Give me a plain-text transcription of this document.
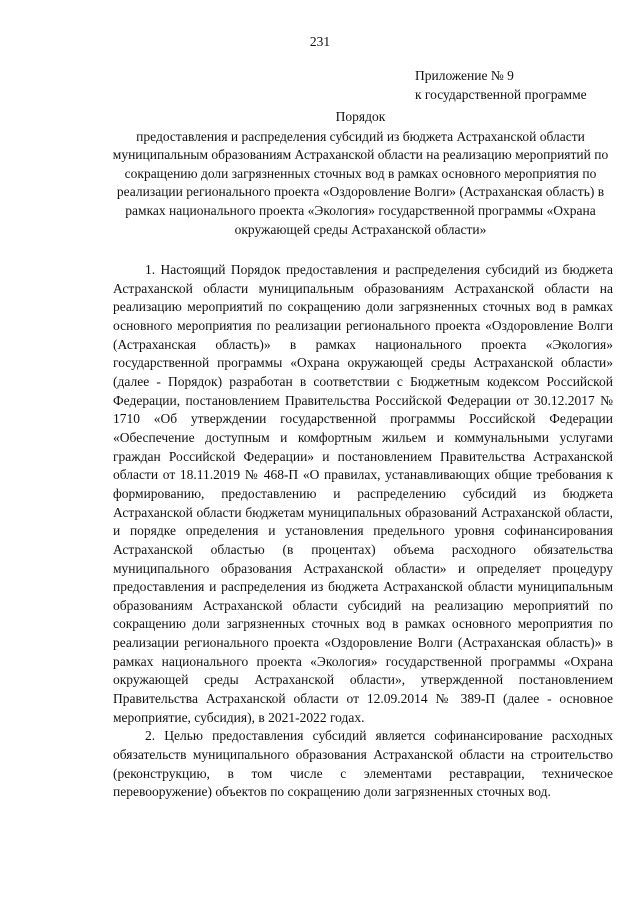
231
Приложение № 9
к государственной программе
Порядок
предоставления и распределения субсидий из бюджета Астраханской области муниципальным образованиям Астраханской области на реализацию мероприятий по сокращению доли загрязненных сточных вод в рамках основного мероприятия по реализации регионального проекта «Оздоровление Волги» (Астраханская область) в рамках национального проекта «Экология» государственной программы «Охрана окружающей среды Астраханской области»

1. Настоящий Порядок предоставления и распределения субсидий из бюджета Астраханской области муниципальным образованиям Астраханской области на реализацию мероприятий по сокращению доли загрязненных сточных вод в рамках основного мероприятия по реализации регионального проекта «Оздоровление Волги (Астраханская область)» в рамках национального проекта «Экология» государственной программы «Охрана окружающей среды Астраханской области» (далее - Порядок) разработан в соответствии с Бюджетным кодексом Российской Федерации, постановлением Правительства Российской Федерации от 30.12.2017 № 1710 «Об утверждении государственной программы Российской Федерации «Обеспечение доступным и комфортным жильем и коммунальными услугами граждан Российской Федерации» и постановлением Правительства Астраханской области от 18.11.2019 № 468-П «О правилах, устанавливающих общие требования к формированию, предоставлению и распределению субсидий из бюджета Астраханской области бюджетам муниципальных образований Астраханской области, и порядке определения и установления предельного уровня софинансирования Астраханской областью (в процентах) объема расходного обязательства муниципального образования Астраханской области» и определяет процедуру предоставления и распределения из бюджета Астраханской области муниципальным образованиям Астраханской области субсидий на реализацию мероприятий по сокращению доли загрязненных сточных вод в рамках основного мероприятия по реализации регионального проекта «Оздоровление Волги (Астраханская область)» в рамках национального проекта «Экология» государственной программы «Охрана окружающей среды Астраханской области», утвержденной постановлением Правительства Астраханской области от 12.09.2014 № 389-П (далее - основное мероприятие, субсидия), в 2021-2022 годах.

2. Целью предоставления субсидий является софинансирование расходных обязательств муниципального образования Астраханской области на строительство (реконструкцию, в том числе с элементами реставрации, техническое перевооружение) объектов по сокращению доли загрязненных сточных вод.
